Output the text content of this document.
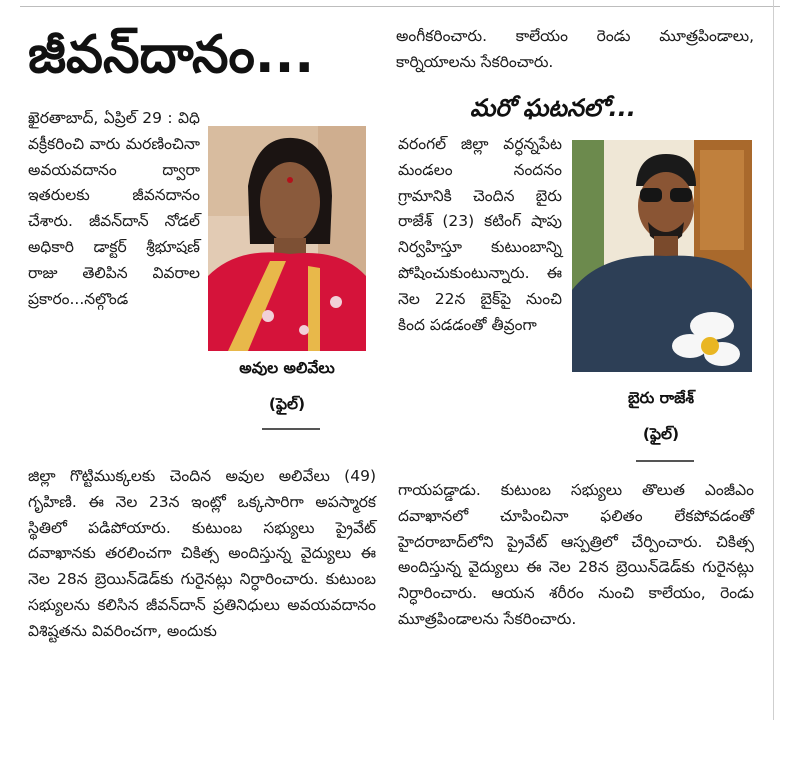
జీవన్‌దానం...

ఖైరతాబాద్, ఏప్రిల్ 29 : విధి వక్రీకరించి వారు మరణించినా అవయవదానం ద్వారా ఇతరులకు జీవనదానం చేశారు. జీవన్‌దాన్ నోడల్ అధికారి డాక్టర్ శ్రీభూషణ్ రాజు తెలిపిన వివరాల ప్రకారం...నల్గొండ

అవుల అలివేలు
(ఫైల్)

జిల్లా గొట్టిముక్కలకు చెందిన అవుల అలివేలు (49) గృహిణి. ఈ నెల 23న ఇంట్లో ఒక్కసారిగా అపస్మారక స్థితిలో పడిపోయారు. కుటుంబ సభ్యులు ప్రైవేట్ దవాఖానకు తరలించగా చికిత్స అందిస్తున్న వైద్యులు ఈ నెల 28న బ్రెయిన్‌డెడ్‌కు గురైనట్లు నిర్ధారించారు. కుటుంబ సభ్యులను కలిసిన జీవన్‌దాన్ ప్రతినిధులు అవయవదానం విశిష్టతను వివరించగా, అందుకు

అంగీకరించారు. కాలేయం రెండు మూత్రపిండాలు, కార్నియాలను సేకరించారు.

మరో ఘటనలో...

వరంగల్ జిల్లా వర్ధన్నపేట మండలం నందనం గ్రామానికి చెందిన బైరు రాజేశ్ (23) కటింగ్ షాపు నిర్వహిస్తూ కుటుంబాన్ని పోషించుకుంటున్నారు. ఈ నెల 22న బైక్‌పై నుంచి కింద పడడంతో తీవ్రంగా

బైరు రాజేశ్
(ఫైల్)

గాయపడ్డాడు. కుటుంబ సభ్యులు తొలుత ఎంజీఎం దవాఖానలో చూపించినా ఫలితం లేకపోవడంతో హైదరాబాద్‌లోని ప్రైవేట్ ఆస్పత్రిలో చేర్పించారు. చికిత్స అందిస్తున్న వైద్యులు ఈ నెల 28న బ్రెయిన్‌డెడ్‌కు గురైనట్లు నిర్ధారించారు. ఆయన శరీరం నుంచి కాలేయం, రెండు మూత్రపిండాలను సేకరించారు.
